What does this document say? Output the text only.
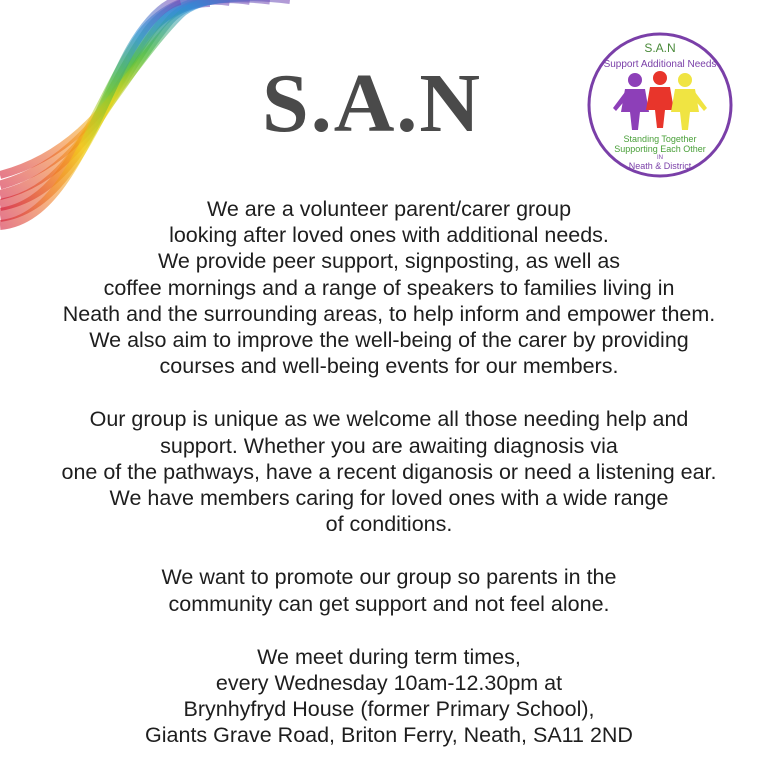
S.A.N
S.A.N
Support Additional Needs
Standing Together
Supporting Each Other
IN
Neath & District

We are a volunteer parent/carer group
looking after loved ones with additional needs.
We provide peer support, signposting, as well as
coffee mornings and a range of speakers to families living in
Neath and the surrounding areas, to help inform and empower them.
We also aim to improve the well-being of the carer by providing
courses and well-being events for our members.

Our group is unique as we welcome all those needing help and
support. Whether you are awaiting diagnosis via
one of the pathways, have a recent diganosis or need a listening ear.
We have members caring for loved ones with a wide range
of conditions.

We want to promote our group so parents in the
community can get support and not feel alone.

We meet during term times,
every Wednesday 10am-12.30pm at
Brynhyfryd House (former Primary School),
Giants Grave Road, Briton Ferry, Neath, SA11 2ND
